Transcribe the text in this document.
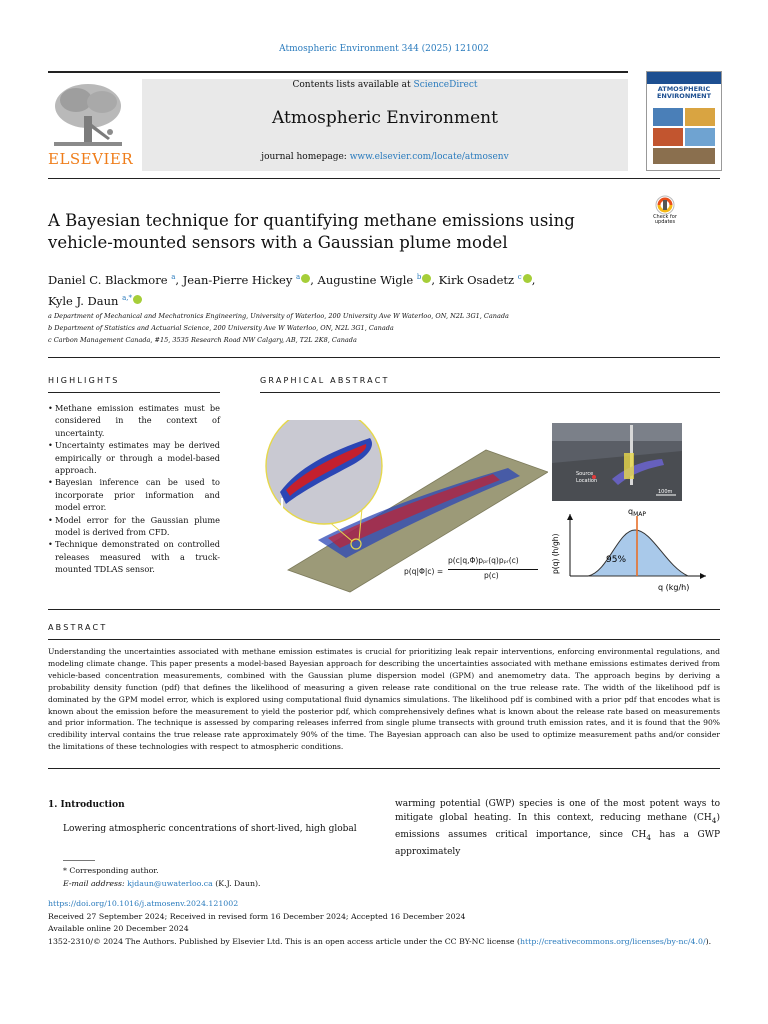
Atmospheric Environment 344 (2025) 121002
ELSEVIER
Contents lists available at ScienceDirect
Atmospheric Environment
journal homepage: www.elsevier.com/locate/atmosenv
ATMOSPHERIC ENVIRONMENT
Check for updates
A Bayesian technique for quantifying methane emissions using
vehicle-mounted sensors with a Gaussian plume model
Daniel C. Blackmore $^a$, Jean-Pierre Hickey $^a$ , Augustine Wigle $^b$ , Kirk Osadetz $^c$ ,
Kyle J. Daun $^{a,*}$
a Department of Mechanical and Mechatronics Engineering, University of Waterloo, 200 University Ave W Waterloo, ON, N2L 3G1, Canada
b Department of Statistics and Actuarial Science, 200 University Ave W Waterloo, ON, N2L 3G1, Canada
c Carbon Management Canada, #15, 3535 Research Road NW Calgary, AB, T2L 2K8, Canada
HIGHLIGHTS
• Methane emission estimates must be considered in the context of uncertainty.
• Uncertainty estimates may be derived empirically or through a model-based approach.
• Bayesian inference can be used to incorporate prior information and model error.
• Model error for the Gaussian plume model is derived from CFD.
• Technique demonstrated on controlled releases measured with a truck-mounted TDLAS sensor.
GRAPHICAL ABSTRACT
Source
Location
100m
$q_{MAP}$
95%
p(q) (h/gh)
q (kg/h)
p(q|Φ|c) =
p(c|q,Φ)pₚᵣ(q)pₚᵣ(c)
p(c)
ABSTRACT
Understanding the uncertainties associated with methane emission estimates is crucial for prioritizing leak repair interventions, enforcing environmental regulations, and modeling climate change. This paper presents a model-based Bayesian approach for describing the uncertainties associated with methane emissions estimates derived from vehicle-based concentration measurements, combined with the Gaussian plume dispersion model (GPM) and anemometry data. The approach begins by deriving a probability density function (pdf) that defines the likelihood of measuring a given release rate conditional on the true release rate. The width of the likelihood pdf is dominated by the GPM model error, which is explored using computational fluid dynamics simulations. The likelihood pdf is combined with a prior pdf that encodes what is known about the emission before the measurement to yield the posterior pdf, which comprehensively defines what is known about the release rate based on measurements and prior information. The technique is assessed by comparing releases inferred from single plume transects with ground truth emission rates, and it is found that the 90% credibility interval contains the true release rate approximately 90% of the time. The Bayesian approach can also be used to optimize measurement paths and/or consider the limitations of these technologies with respect to atmospheric conditions.
1. Introduction
Lowering atmospheric concentrations of short-lived, high global
warming potential (GWP) species is one of the most potent ways to mitigate global heating. In this context, reducing methane $(CH_4)$ emissions assumes critical importance, since $CH_4$ has a GWP approximately
* Corresponding author.
E-mail address: kjdaun@uwaterloo.ca (K.J. Daun).
https://doi.org/10.1016/j.atmosenv.2024.121002
Received 27 September 2024; Received in revised form 16 December 2024; Accepted 16 December 2024
Available online 20 December 2024
1352-2310/© 2024 The Authors. Published by Elsevier Ltd. This is an open access article under the CC BY-NC license (http://creativecommons.org/licenses/by-nc/4.0/).
